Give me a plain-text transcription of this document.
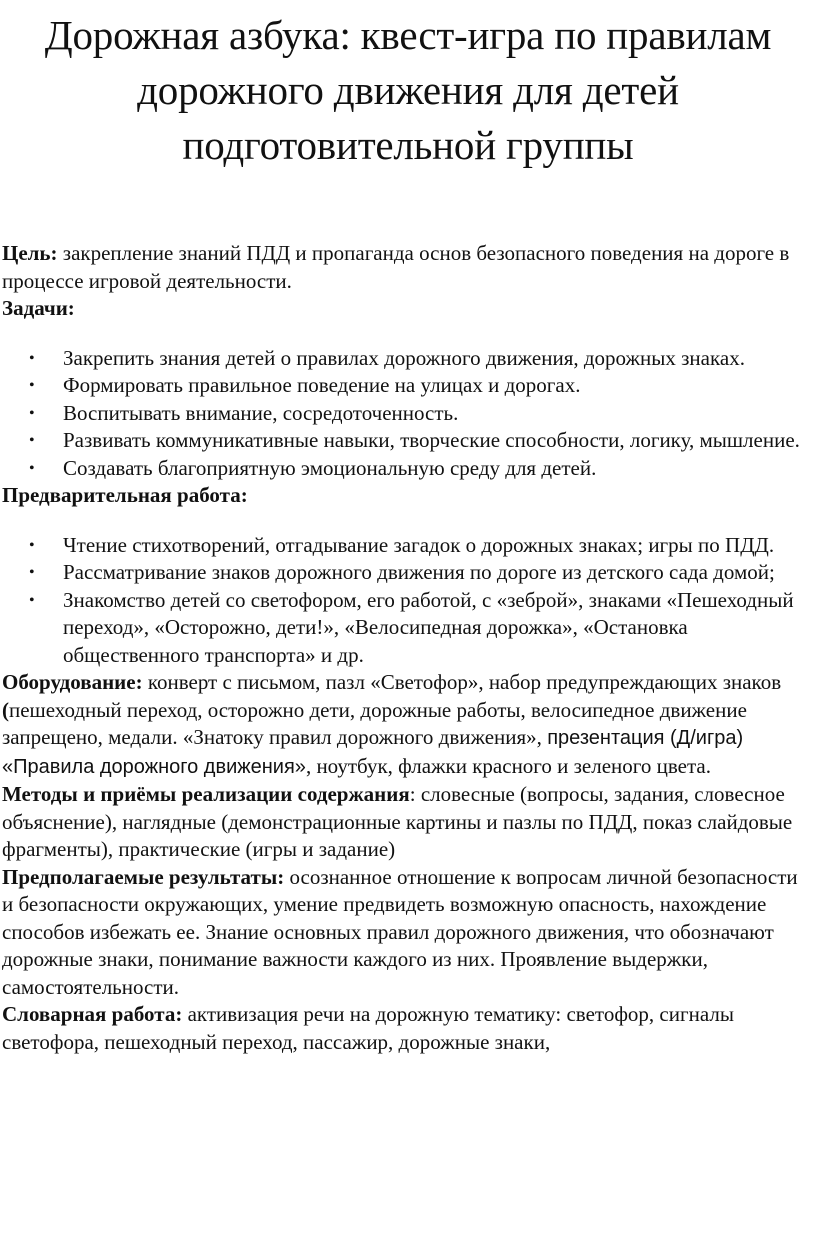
Дорожная азбука: квест-игра по правилам дорожного движения для детей подготовительной группы

Цель: закрепление знаний ПДД и пропаганда основ безопасного поведения на дороге в процессе игровой деятельности.

Задачи:

• Закрепить знания детей о правилах дорожного движения, дорожных знаках.
• Формировать правильное поведение на улицах и дорогах.
• Воспитывать внимание, сосредоточенность.
• Развивать коммуникативные навыки, творческие способности, логику, мышление.
• Создавать благоприятную эмоциональную среду для детей.

Предварительная работа:

• Чтение стихотворений, отгадывание загадок о дорожных знаках; игры по ПДД.
• Рассматривание знаков дорожного движения по дороге из детского сада домой;
• Знакомство детей со светофором, его работой, с «зеброй», знаками «Пешеходный переход», «Осторожно, дети!», «Велосипедная дорожка», «Остановка общественного транспорта» и др.

Оборудование: конверт с письмом, пазл «Светофор», набор предупреждающих знаков (пешеходный переход, осторожно дети, дорожные работы, велосипедное движение запрещено, медали. «Знатоку правил дорожного движения», презентация (Д/игра) «Правила дорожного движения», ноутбук, флажки красного и зеленого цвета.

Методы и приёмы реализации содержания: словесные (вопросы, задания, словесное объяснение), наглядные (демонстрационные картины и пазлы по ПДД, показ слайдовые фрагменты), практические (игры и задание)

Предполагаемые результаты: осознанное отношение к вопросам личной безопасности и безопасности окружающих, умение предвидеть возможную опасность, нахождение способов избежать ее. Знание основных правил дорожного движения, что обозначают дорожные знаки, понимание важности каждого из них. Проявление выдержки, самостоятельности.

Словарная работа: активизация речи на дорожную тематику: светофор, сигналы светофора, пешеходный переход, пассажир, дорожные знаки,
